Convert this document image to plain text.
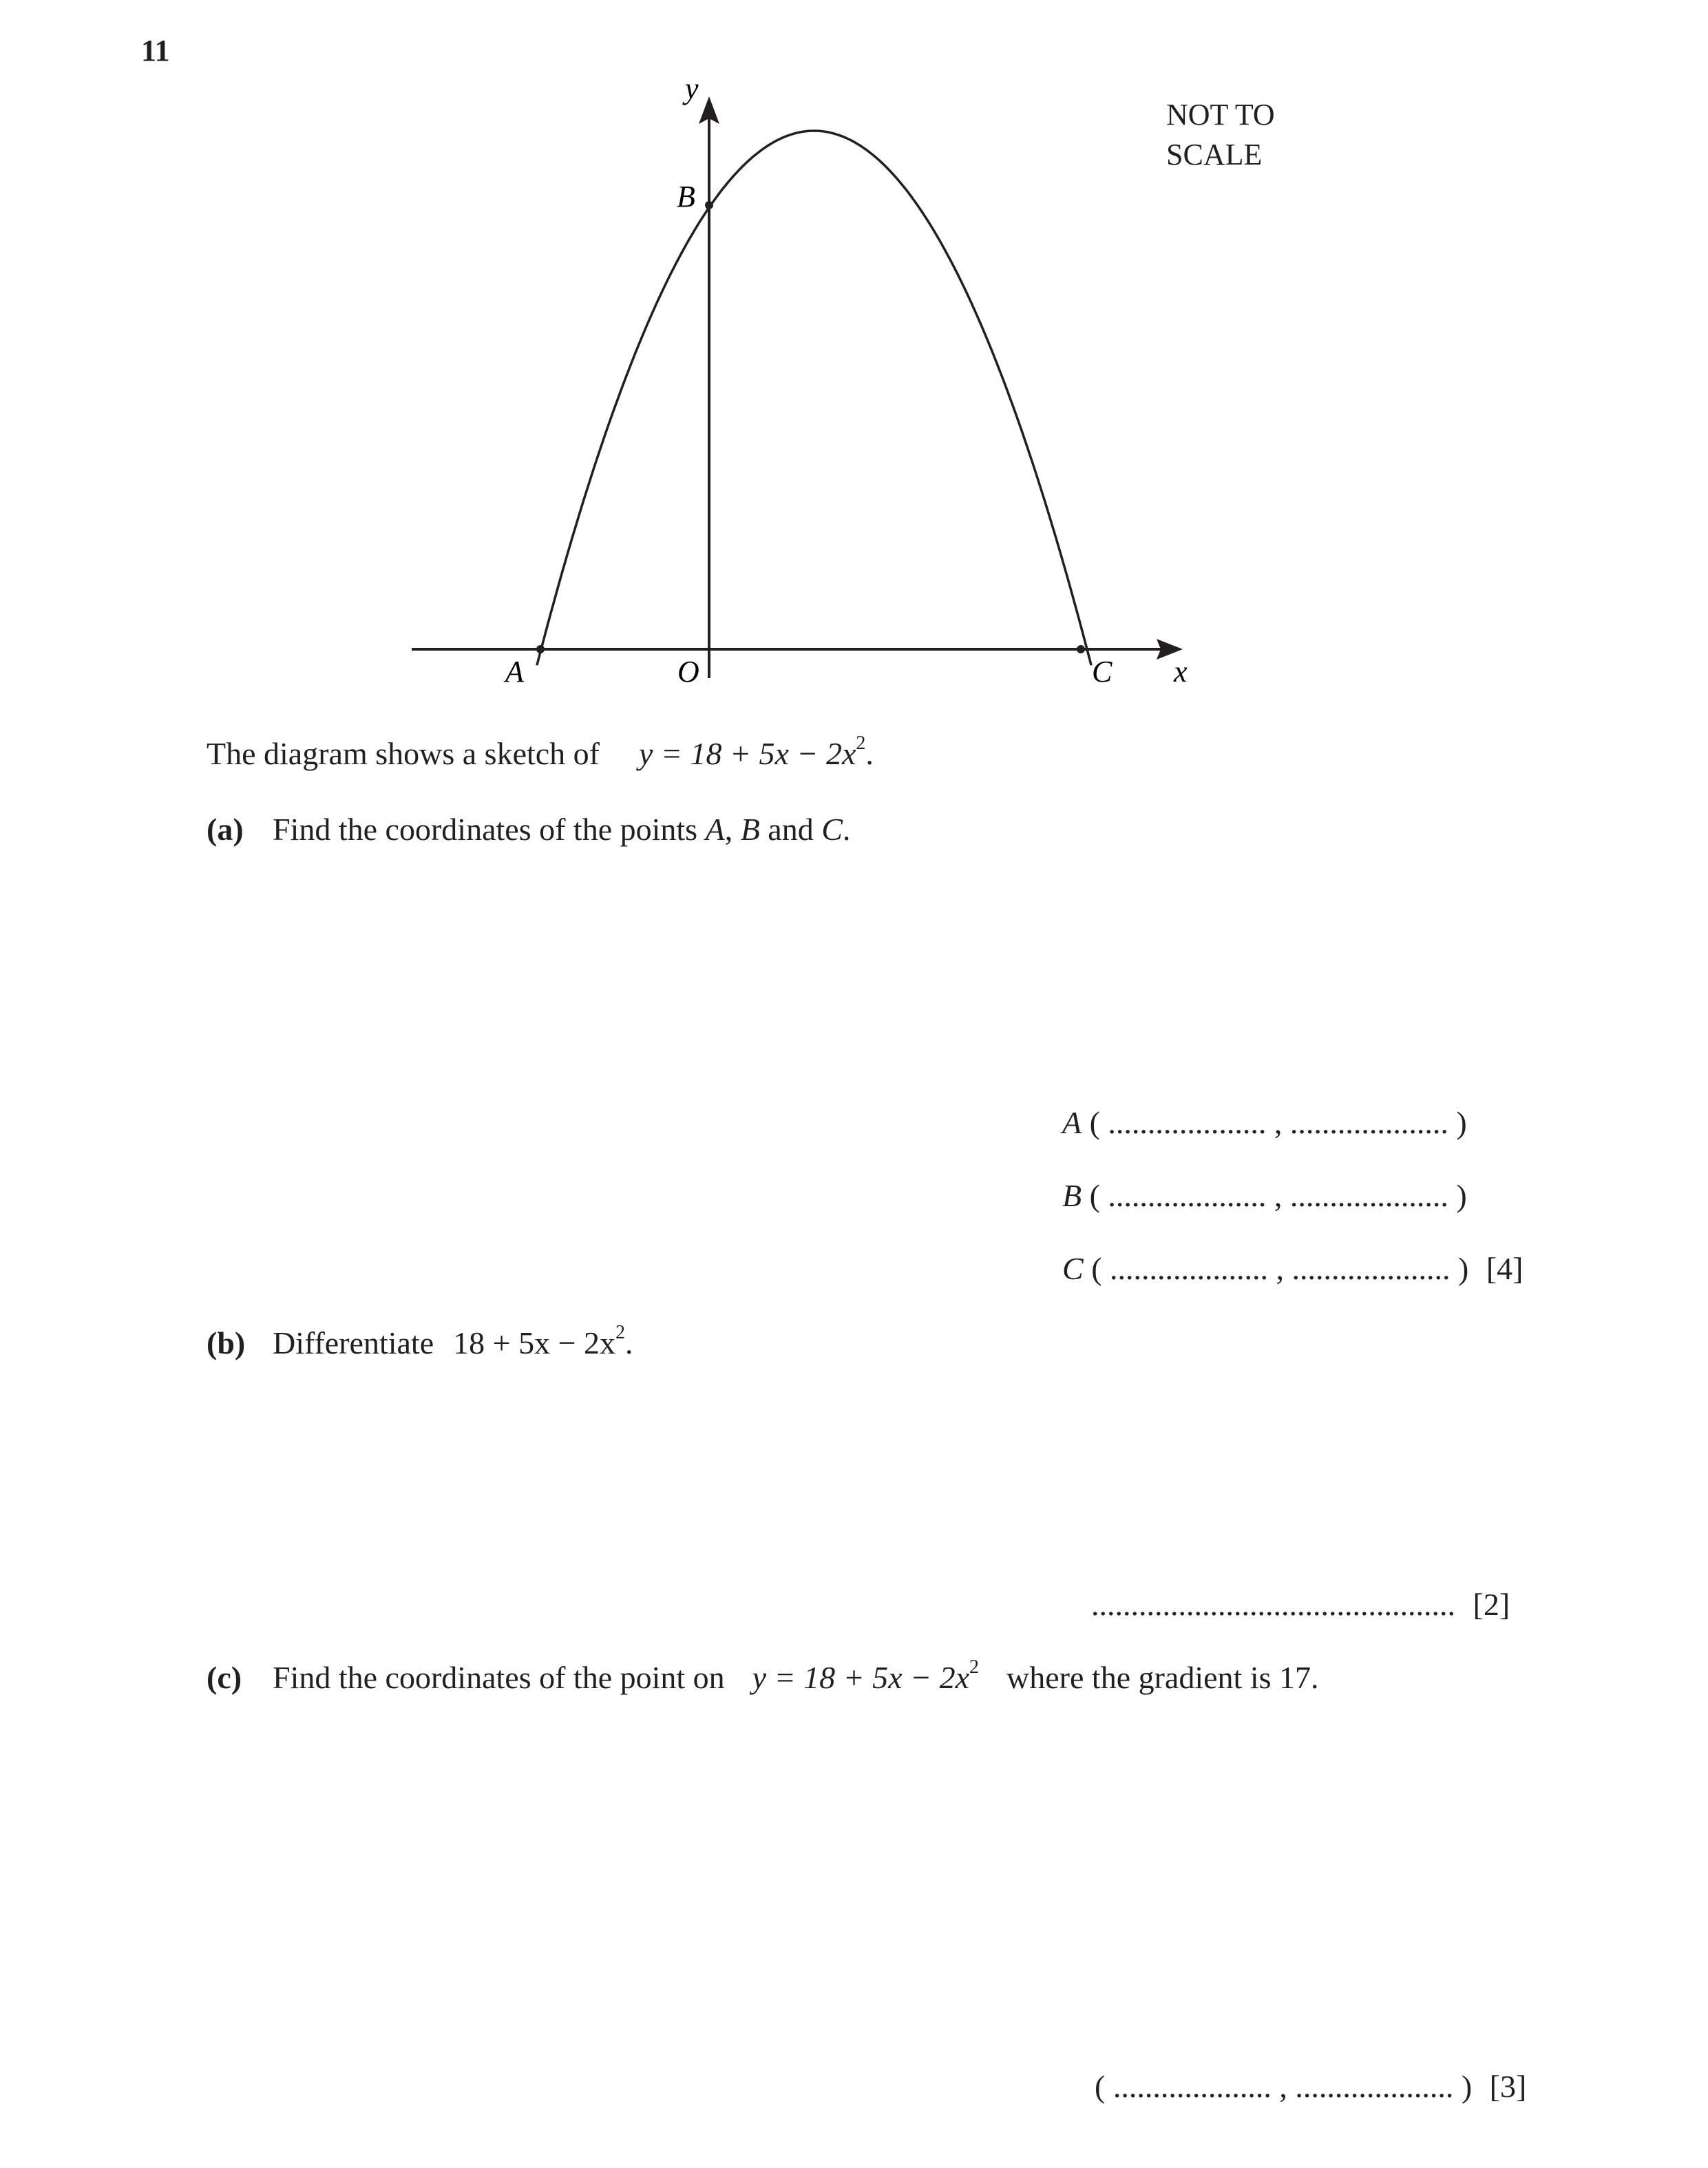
11
y
x
A
B
C
O
NOT TO
SCALE
The diagram shows a sketch of $y = 18 + 5x - 2x^2$.
(a) Find the coordinates of the points A, B and C.
A ( .................... , .................... )
B ( .................... , .................... )
C ( .................... , .................... ) [4]
(b) Differentiate $18 + 5x - 2x^2$.
.............................................. [2]
(c) Find the coordinates of the point on $y = 18 + 5x - 2x^2$ where the gradient is 17.
( .................... , .................... ) [3]
